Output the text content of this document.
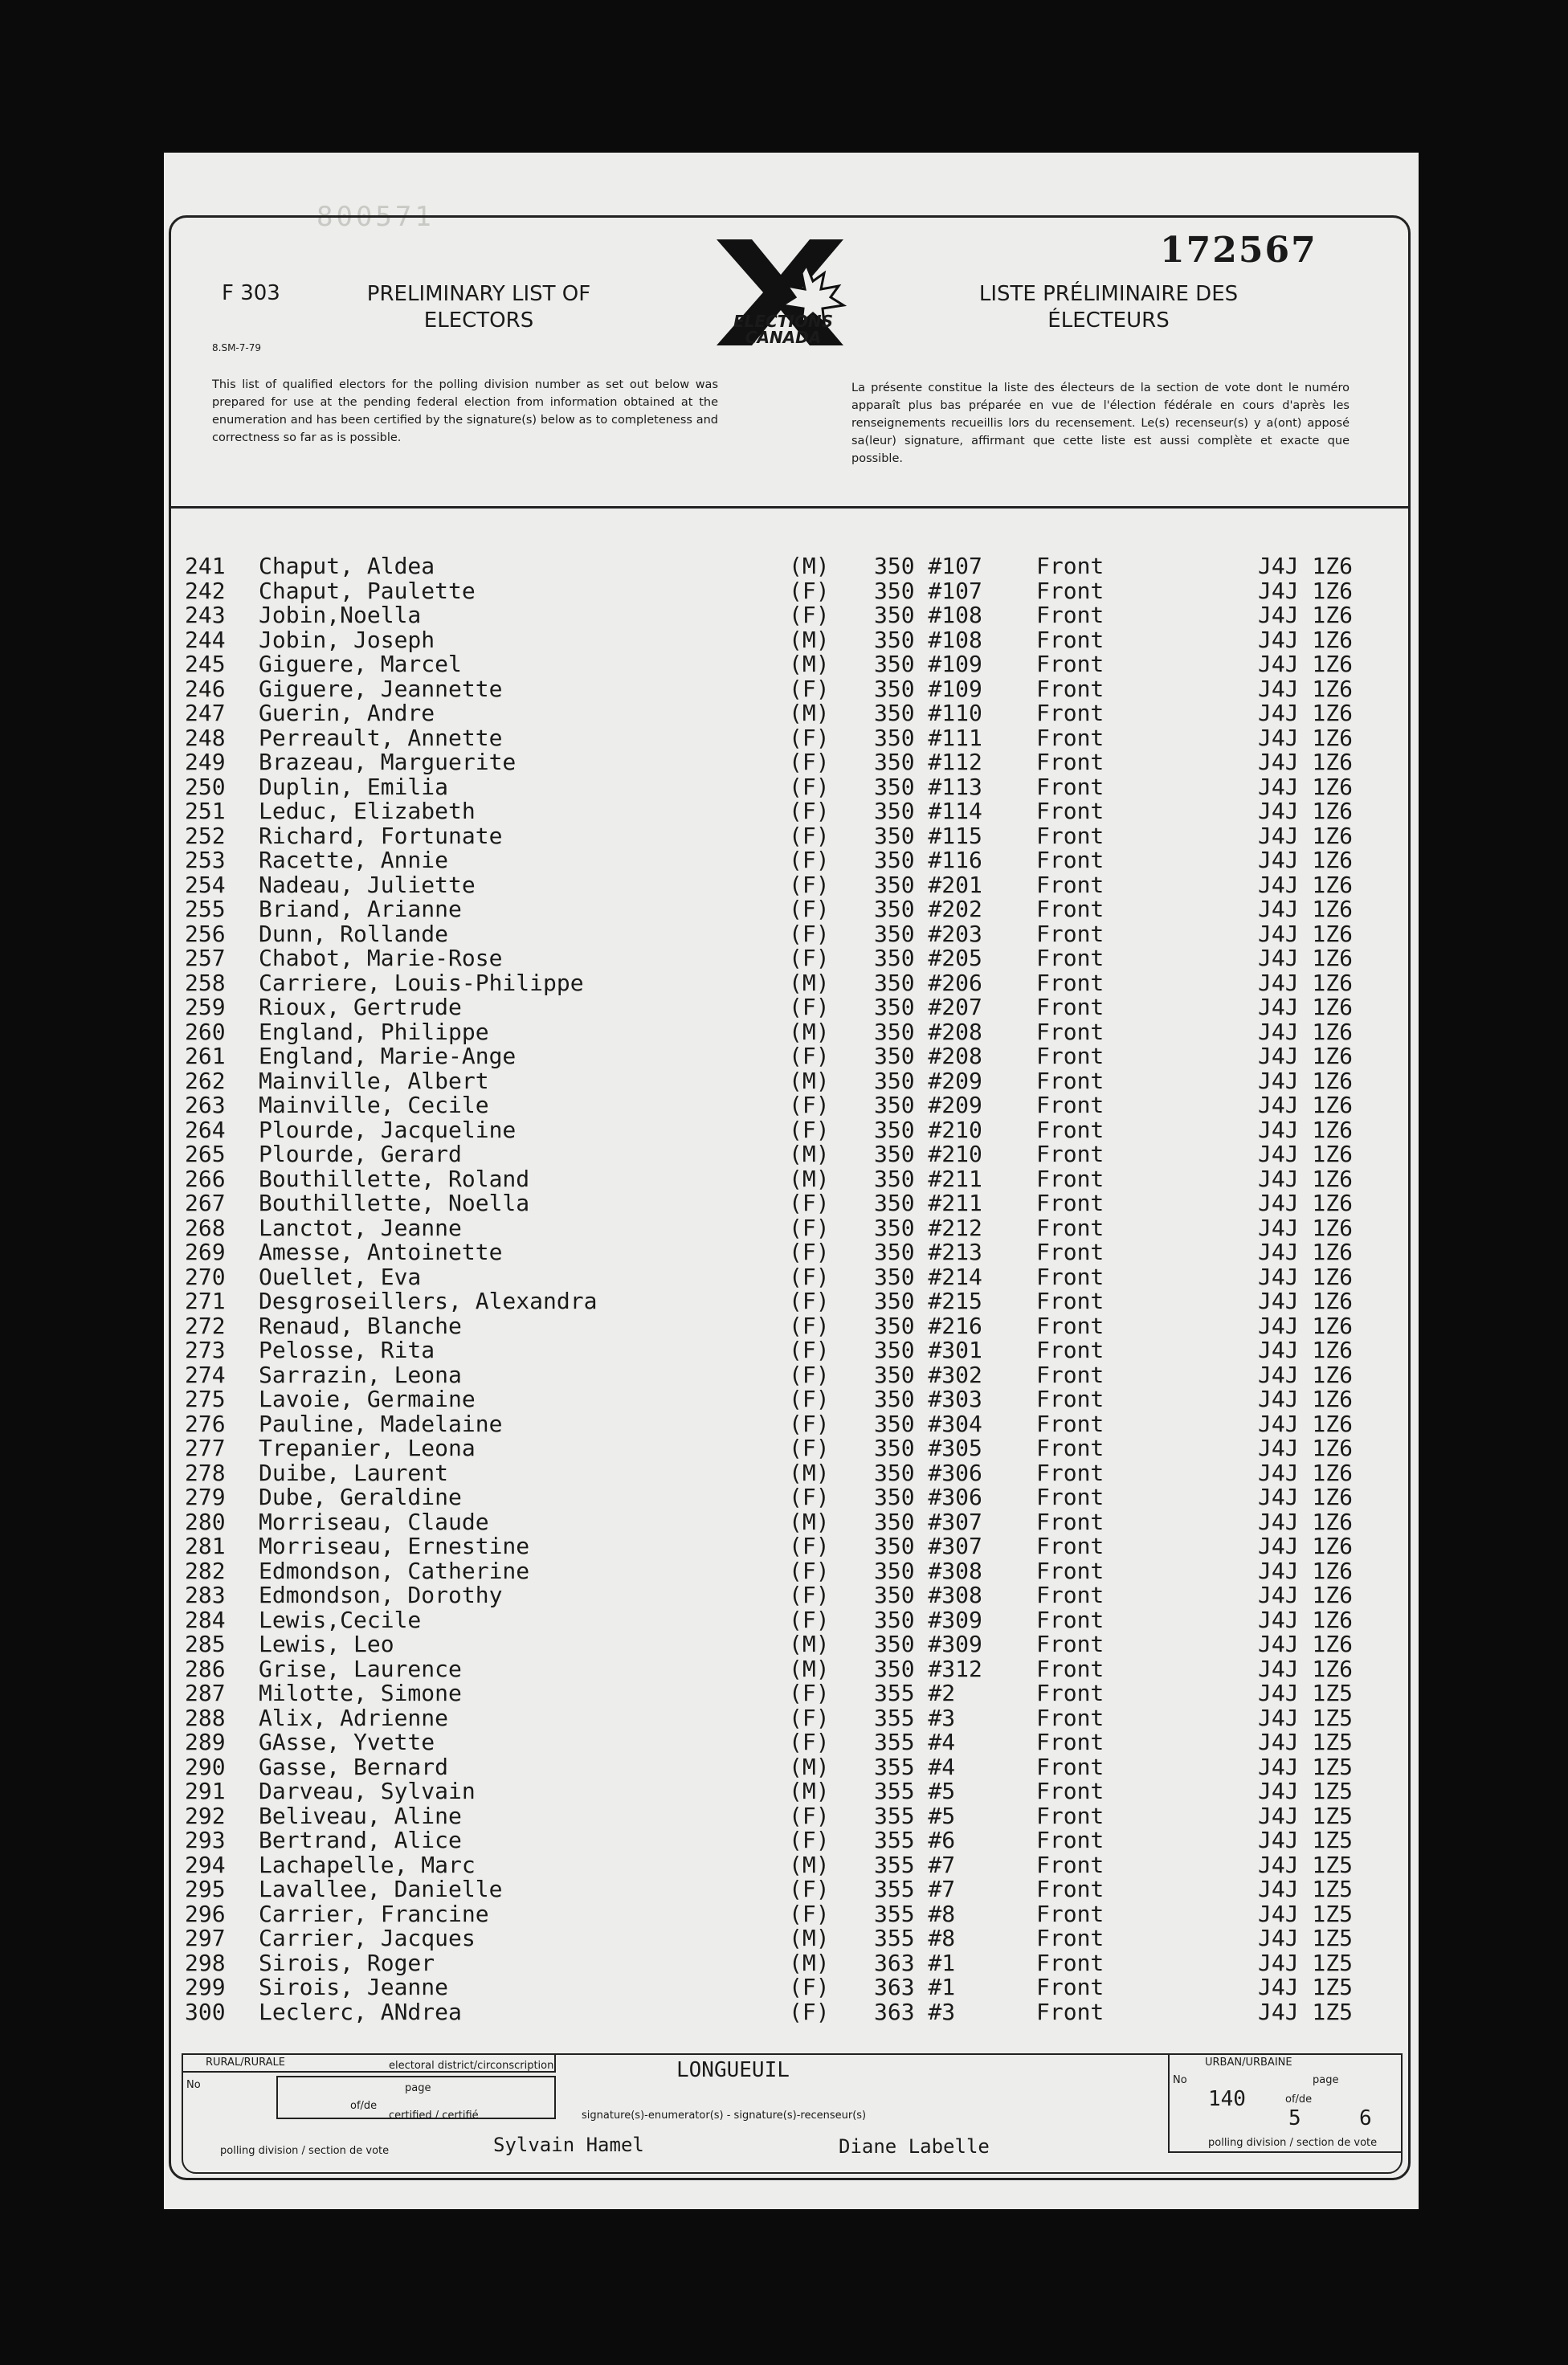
800571
172567
F 303
8.SM-7-79
PRELIMINARY LIST OF
ELECTORS	ELECTIONS
CANADA
LISTE PRÉLIMINAIRE DES
ÉLECTEURS
This list of qualified electors for the polling division number as set out below was prepared for use at the pending federal election from information obtained at the enumeration and has been certified by the signature(s) below as to completeness and correctness so far as is possible.
La présente constitue la liste des électeurs de la section de vote dont le numéro apparaît plus bas préparée en vue de l'élection fédérale en cours d'après les renseignements recueillis lors du recensement. Le(s) recenseur(s) y a(ont) apposé sa(leur) signature, affirmant que cette liste est aussi complète et exacte que possible.
241 Chaput, Aldea	(M) 350 #107 Front	J4J 1Z6
242 Chaput, Paulette	(F) 350 #107 Front	J4J 1Z6
243 Jobin,Noella	(F) 350 #108 Front	J4J 1Z6
244 Jobin, Joseph	(M) 350 #108 Front	J4J 1Z6
245 Giguere, Marcel	(M) 350 #109 Front	J4J 1Z6
246 Giguere, Jeannette	(F) 350 #109 Front	J4J 1Z6
247 Guerin, Andre	(M) 350 #110 Front	J4J 1Z6
248 Perreault, Annette	(F) 350 #111 Front	J4J 1Z6
249 Brazeau, Marguerite	(F) 350 #112 Front	J4J 1Z6
250 Duplin, Emilia	(F) 350 #113 Front	J4J 1Z6
251 Leduc, Elizabeth	(F) 350 #114 Front	J4J 1Z6
252 Richard, Fortunate	(F) 350 #115 Front	J4J 1Z6
253 Racette, Annie	(F) 350 #116 Front	J4J 1Z6
254 Nadeau, Juliette	(F) 350 #201 Front	J4J 1Z6
255 Briand, Arianne	(F) 350 #202 Front	J4J 1Z6
256 Dunn, Rollande	(F) 350 #203 Front	J4J 1Z6
257 Chabot, Marie-Rose	(F) 350 #205 Front	J4J 1Z6
258 Carriere, Louis-Philippe	(M) 350 #206 Front	J4J 1Z6
259 Rioux, Gertrude	(F) 350 #207 Front	J4J 1Z6
260 England, Philippe	(M) 350 #208 Front	J4J 1Z6
261 England, Marie-Ange	(F) 350 #208 Front	J4J 1Z6
262 Mainville, Albert	(M) 350 #209 Front	J4J 1Z6
263 Mainville, Cecile	(F) 350 #209 Front	J4J 1Z6
264 Plourde, Jacqueline	(F) 350 #210 Front	J4J 1Z6
265 Plourde, Gerard	(M) 350 #210 Front	J4J 1Z6
266 Bouthillette, Roland	(M) 350 #211 Front	J4J 1Z6
267 Bouthillette, Noella	(F) 350 #211 Front	J4J 1Z6
268 Lanctot, Jeanne	(F) 350 #212 Front	J4J 1Z6
269 Amesse, Antoinette	(F) 350 #213 Front	J4J 1Z6
270 Ouellet, Eva	(F) 350 #214 Front	J4J 1Z6
271 Desgroseillers, Alexandra	(F) 350 #215 Front	J4J 1Z6
272 Renaud, Blanche	(F) 350 #216 Front	J4J 1Z6
273 Pelosse, Rita	(F) 350 #301 Front	J4J 1Z6
274 Sarrazin, Leona	(F) 350 #302 Front	J4J 1Z6
275 Lavoie, Germaine	(F) 350 #303 Front	J4J 1Z6
276 Pauline, Madelaine	(F) 350 #304 Front	J4J 1Z6
277 Trepanier, Leona	(F) 350 #305 Front	J4J 1Z6
278 Duibe, Laurent	(M) 350 #306 Front	J4J 1Z6
279 Dube, Geraldine	(F) 350 #306 Front	J4J 1Z6
280 Morriseau, Claude	(M) 350 #307 Front	J4J 1Z6
281 Morriseau, Ernestine	(F) 350 #307 Front	J4J 1Z6
282 Edmondson, Catherine	(F) 350 #308 Front	J4J 1Z6
283 Edmondson, Dorothy	(F) 350 #308 Front	J4J 1Z6
284 Lewis,Cecile	(F) 350 #309 Front	J4J 1Z6
285 Lewis, Leo	(M) 350 #309 Front	J4J 1Z6
286 Grise, Laurence	(M) 350 #312 Front	J4J 1Z6
287 Milotte, Simone	(F) 355 #2	Front	J4J 1Z5
288 Alix, Adrienne	(F) 355 #3	Front	J4J 1Z5
289 GAsse, Yvette	(F) 355 #4	Front	J4J 1Z5
290 Gasse, Bernard	(M) 355 #4	Front	J4J 1Z5
291 Darveau, Sylvain	(M) 355 #5	Front	J4J 1Z5
292 Beliveau, Aline	(F) 355 #5	Front	J4J 1Z5
293 Bertrand, Alice	(F) 355 #6	Front	J4J 1Z5
294 Lachapelle, Marc	(M) 355 #7	Front	J4J 1Z5
295 Lavallee, Danielle	(F) 355 #7	Front	J4J 1Z5
296 Carrier, Francine	(F) 355 #8	Front	J4J 1Z5
297 Carrier, Jacques	(M) 355 #8	Front	J4J 1Z5
298 Sirois, Roger	(M) 363 #1	Front	J4J 1Z5
299 Sirois, Jeanne	(F) 363 #1	Front	J4J 1Z5
300 Leclerc, ANdrea	(F) 363 #3	Front	J4J 1Z5
RURAL/RURALE
page
No
of/de
electoral district/circonscription	LONGUEUIL	URBAN/URBAINE
No	page
140	of/de
5	6
polling division / section de vote
certified / certifié	signature(s)-enumerator(s) - signature(s)-recenseur(s)
Sylvain Hamel	Diane Labelle
polling division / section de vote
